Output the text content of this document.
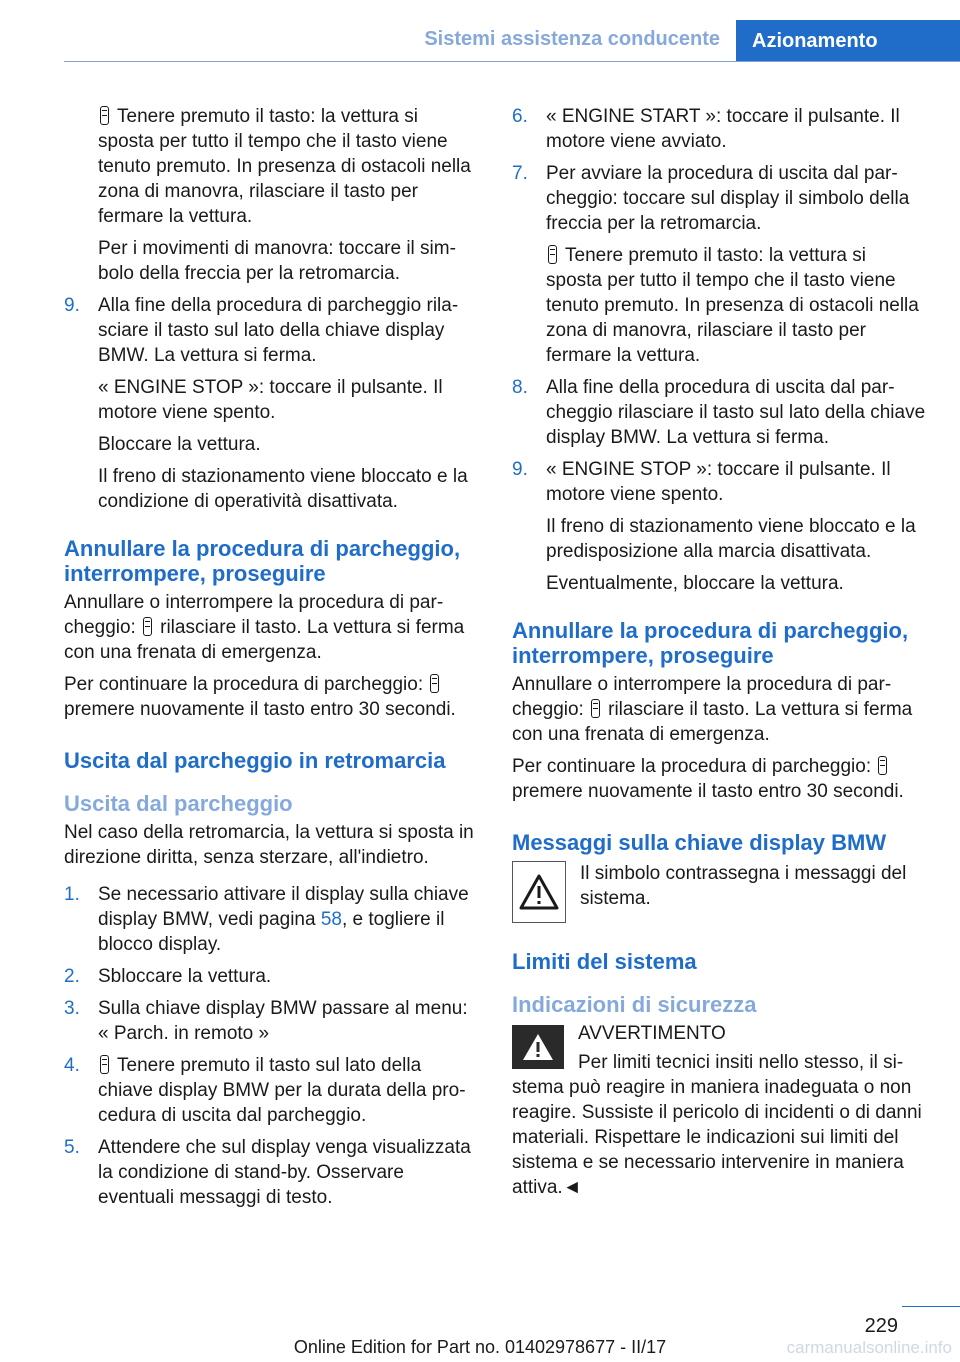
Sistemi assistenza conducente	Azionamento

Tenere premuto il tasto: la vettura si sposta per tutto il tempo che il tasto viene tenuto premuto. In presenza di ostacoli nella zona di manovra, rilasciare il tasto per fermare la vettura.

Per i movimenti di manovra: toccare il simbolo della freccia per la retromarcia.

9. Alla fine della procedura di parcheggio rilasciare il tasto sul lato della chiave display BMW. La vettura si ferma.

« ENGINE STOP »: toccare il pulsante. Il motore viene spento.

Bloccare la vettura.

Il freno di stazionamento viene bloccato e la condizione di operatività disattivata.

Annullare la procedura di parcheggio, interrompere, proseguire

Annullare o interrompere la procedura di parcheggio: rilasciare il tasto. La vettura si ferma con una frenata di emergenza.

Per continuare la procedura di parcheggio:  premere nuovamente il tasto entro 30 secondi.

Uscita dal parcheggio in retromarcia
Uscita dal parcheggio

Nel caso della retromarcia, la vettura si sposta in direzione diritta, senza sterzare, all'indietro.

1. Se necessario attivare il display sulla chiave display BMW, vedi pagina 58, e togliere il blocco display.
2. Sbloccare la vettura.
3. Sulla chiave display BMW passare al menu: « Parch. in remoto »
4.	Tenere premuto il tasto sul lato della chiave display BMW per la durata della procedura di uscita dal parcheggio.
5. Attendere che sul display venga visualizzata la condizione di stand-by. Osservare eventuali messaggi di testo.
6. « ENGINE START »: toccare il pulsante. Il motore viene avviato.
7. Per avviare la procedura di uscita dal parcheggio: toccare sul display il simbolo della freccia per la retromarcia.

Tenere premuto il tasto: la vettura si sposta per tutto il tempo che il tasto viene tenuto premuto. In presenza di ostacoli nella zona di manovra, rilasciare il tasto per fermare la vettura.

8. Alla fine della procedura di uscita dal parcheggio rilasciare il tasto sul lato della chiave display BMW. La vettura si ferma.
9. « ENGINE STOP »: toccare il pulsante. Il motore viene spento.

Il freno di stazionamento viene bloccato e la predisposizione alla marcia disattivata.

Eventualmente, bloccare la vettura.

Annullare la procedura di parcheggio, interrompere, proseguire

Annullare o interrompere la procedura di parcheggio: rilasciare il tasto. La vettura si ferma con una frenata di emergenza.

Per continuare la procedura di parcheggio:  premere nuovamente il tasto entro 30 secondi.

Messaggi sulla chiave display BMW
Il simbolo contrassegna i messaggi del sistema.
Limiti del sistema
Indicazioni di sicurezza
AVVERTIMENTO
Per limiti tecnici insiti nello stesso, il sistema può reagire in maniera inadeguata o non reagire. Sussiste il pericolo di incidenti o di danni materiali. Rispettare le indicazioni sui limiti del sistema e se necessario intervenire in maniera attiva.◄
229
Online Edition for Part no. 01402978677 - II/17	carmanualsonline.info
